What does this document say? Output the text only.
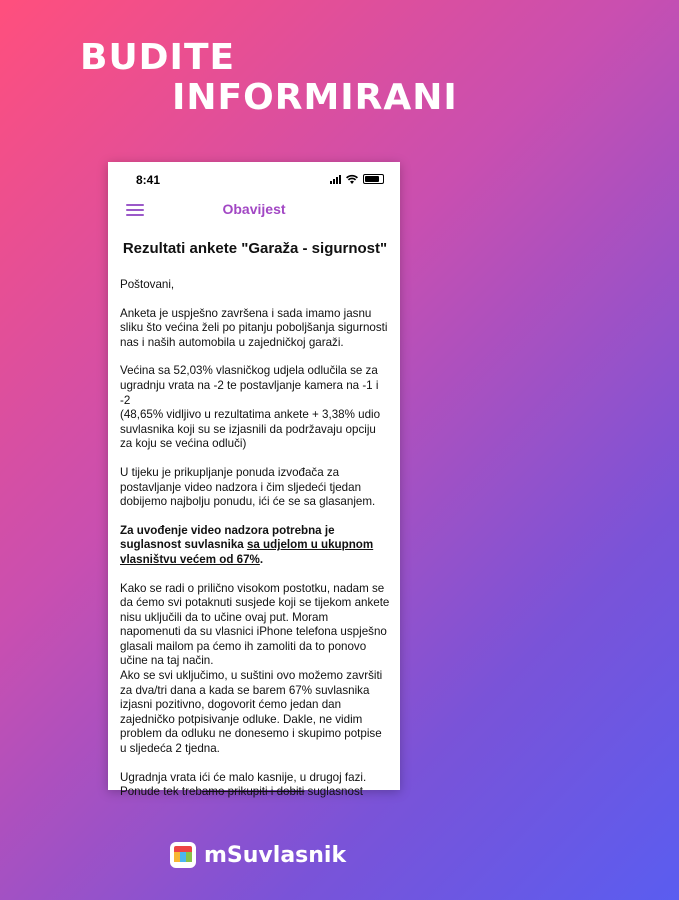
BUDITE
INFORMIRANI
8:41
Obavijest
Rezultati ankete "Garaža - sigurnost"

Poštovani,

Anketa je uspješno završena i sada imamo jasnu sliku što većina želi po pitanju poboljšanja sigurnosti nas i naših automobila u zajedničkoj garaži.

Većina sa 52,03% vlasničkog udjela odlučila se za ugradnju vrata na -2 te postavljanje kamera na -1 i -2
(48,65% vidljivo u rezultatima ankete + 3,38% udio suvlasnika koji su se izjasnili da podržavaju opciju za koju se većina odluči)

U tijeku je prikupljanje ponuda izvođača za postavljanje video nadzora i čim sljedeći tjedan dobijemo najbolju ponudu, ići će se sa glasanjem.

Za uvođenje video nadzora potrebna je suglasnost suvlasnika sa udjelom u ukupnom vlasništvu većem od 67%.

Kako se radi o prilično visokom postotku, nadam se da ćemo svi potaknuti susjede koji se tijekom ankete nisu uključili da to učine ovaj put. Moram napomenuti da su vlasnici iPhone telefona uspješno glasali mailom pa ćemo ih zamoliti da to ponovo učine na taj način.
Ako se svi uključimo, u suštini ovo možemo završiti za dva/tri dana a kada se barem 67% suvlasnika izjasni pozitivno, dogovorit ćemo jedan dan zajedničko potpisivanje odluke. Dakle, ne vidim problem da odluku ne donesemo i skupimo potpise u sljedeća 2 tjedna.

Ugradnja vrata ići će malo kasnije, u drugoj fazi. Ponude tek trebamo prikupiti i dobiti suglasnost

mSuvlasnik
